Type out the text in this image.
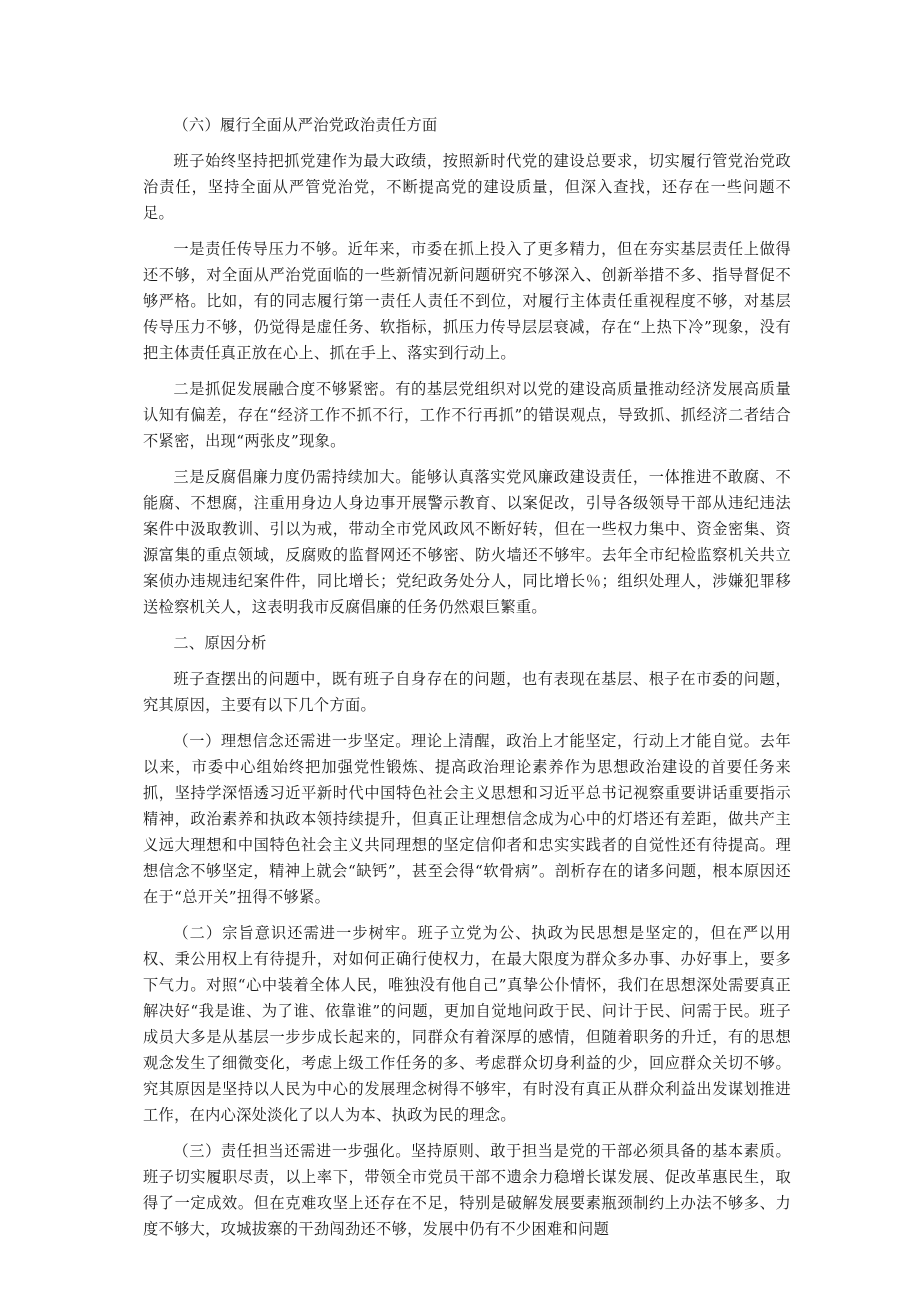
（六）履行全面从严治党政治责任方面

班子始终坚持把抓党建作为最大政绩，按照新时代党的建设总要求，切实履行管党治党政治责任，坚持全面从严管党治党，不断提高党的建设质量，但深入查找，还存在一些问题不足。

一是责任传导压力不够。近年来，市委在抓上投入了更多精力，但在夯实基层责任上做得还不够，对全面从严治党面临的一些新情况新问题研究不够深入、创新举措不多、指导督促不够严格。比如，有的同志履行第一责任人责任不到位，对履行主体责任重视程度不够，对基层传导压力不够，仍觉得是虚任务、软指标，抓压力传导层层衰减，存在“上热下冷”现象，没有把主体责任真正放在心上、抓在手上、落实到行动上。

二是抓促发展融合度不够紧密。有的基层党组织对以党的建设高质量推动经济发展高质量认知有偏差，存在“经济工作不抓不行，工作不行再抓”的错误观点，导致抓、抓经济二者结合不紧密，出现“两张皮”现象。

三是反腐倡廉力度仍需持续加大。能够认真落实党风廉政建设责任，一体推进不敢腐、不能腐、不想腐，注重用身边人身边事开展警示教育、以案促改，引导各级领导干部从违纪违法案件中汲取教训、引以为戒，带动全市党风政风不断好转，但在一些权力集中、资金密集、资源富集的重点领域，反腐败的监督网还不够密、防火墙还不够牢。去年全市纪检监察机关共立案侦办违规违纪案件件，同比增长；党纪政务处分人，同比增长％；组织处理人，涉嫌犯罪移送检察机关人，这表明我市反腐倡廉的任务仍然艰巨繁重。

二、原因分析

班子查摆出的问题中，既有班子自身存在的问题，也有表现在基层、根子在市委的问题，究其原因，主要有以下几个方面。

（一）理想信念还需进一步坚定。理论上清醒，政治上才能坚定，行动上才能自觉。去年以来，市委中心组始终把加强党性锻炼、提高政治理论素养作为思想政治建设的首要任务来抓，坚持学深悟透习近平新时代中国特色社会主义思想和习近平总书记视察重要讲话重要指示精神，政治素养和执政本领持续提升，但真正让理想信念成为心中的灯塔还有差距，做共产主义远大理想和中国特色社会主义共同理想的坚定信仰者和忠实实践者的自觉性还有待提高。理想信念不够坚定，精神上就会“缺钙”，甚至会得“软骨病”。剖析存在的诸多问题，根本原因还在于“总开关”扭得不够紧。

（二）宗旨意识还需进一步树牢。班子立党为公、执政为民思想是坚定的，但在严以用权、秉公用权上有待提升，对如何正确行使权力，在最大限度为群众多办事、办好事上，要多下气力。对照“心中装着全体人民，唯独没有他自己”真挚公仆情怀，我们在思想深处需要真正解决好“我是谁、为了谁、依靠谁”的问题，更加自觉地问政于民、问计于民、问需于民。班子成员大多是从基层一步步成长起来的，同群众有着深厚的感情，但随着职务的升迁，有的思想观念发生了细微变化，考虑上级工作任务的多、考虑群众切身利益的少，回应群众关切不够。究其原因是坚持以人民为中心的发展理念树得不够牢，有时没有真正从群众利益出发谋划推进工作，在内心深处淡化了以人为本、执政为民的理念。

（三）责任担当还需进一步强化。坚持原则、敢于担当是党的干部必须具备的基本素质。班子切实履职尽责，以上率下，带领全市党员干部不遗余力稳增长谋发展、促改革惠民生，取得了一定成效。但在克难攻坚上还存在不足，特别是破解发展要素瓶颈制约上办法不够多、力度不够大，攻城拔寨的干劲闯劲还不够，发展中仍有不少困难和问题
